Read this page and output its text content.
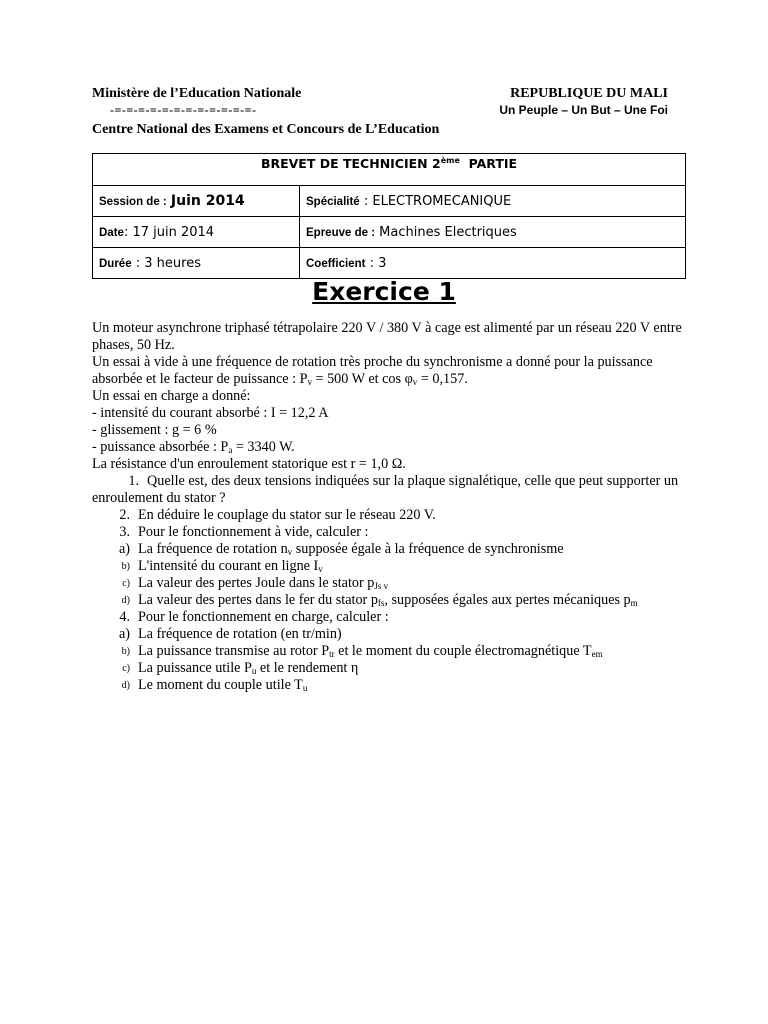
Ministère de l’Education Nationale
-=-=-=-=-=-=-=-=-=-=-=-=-
REPUBLIQUE DU MALI
Un Peuple – Un But – Une Foi
Centre National des Examens et Concours de L’Education
BREVET DE TECHNICIEN 2ème  PARTIE	
Session de : Juin 2014	Spécialité : ELECTROMECANIQUE
Date: 17 juin 2014	Epreuve de : Machines Electriques
Durée : 3 heures	Coefficient : 3
Exercice 1

Un moteur asynchrone triphasé tétrapolaire 220 V / 380 V à cage est alimenté par un réseau 220 V entre phases, 50 Hz.

Un essai à vide à une fréquence de rotation très proche du synchronisme a donné pour la puissance absorbée et le facteur de puissance : $P_v = 500$ W et $\cos \varphi_v = 0,157$.

Un essai en charge a donné:

- intensité du courant absorbé : I = 12,2 A

- glissement : g = 6 %

- puissance absorbée : $P_a = 3340$ W.

La résistance d'un enroulement statorique est r = 1,0 Ω.

1. Quelle est, des deux tensions indiquées sur la plaque signalétique, celle que peut supporter un enroulement du stator ?

2. En déduire le couplage du stator sur le réseau 220 V.
3. Pour le fonctionnement à vide, calculer :
a) La fréquence de rotation $n_v$ supposée égale à la fréquence de synchronisme
b) L'intensité du courant en ligne $I_v$
c) La valeur des pertes Joule dans le stator $p_{Js v}$
d) La valeur des pertes dans le fer du stator $p_{fs}$, supposées égales aux pertes mécaniques $p_m$
4. Pour le fonctionnement en charge, calculer :
a) La fréquence de rotation (en tr/min)
b) La puissance transmise au rotor $P_{tr}$ et le moment du couple électromagnétique $T_{em}$
c) La puissance utile $P_u$ et le rendement η
d) Le moment du couple utile $T_u$
